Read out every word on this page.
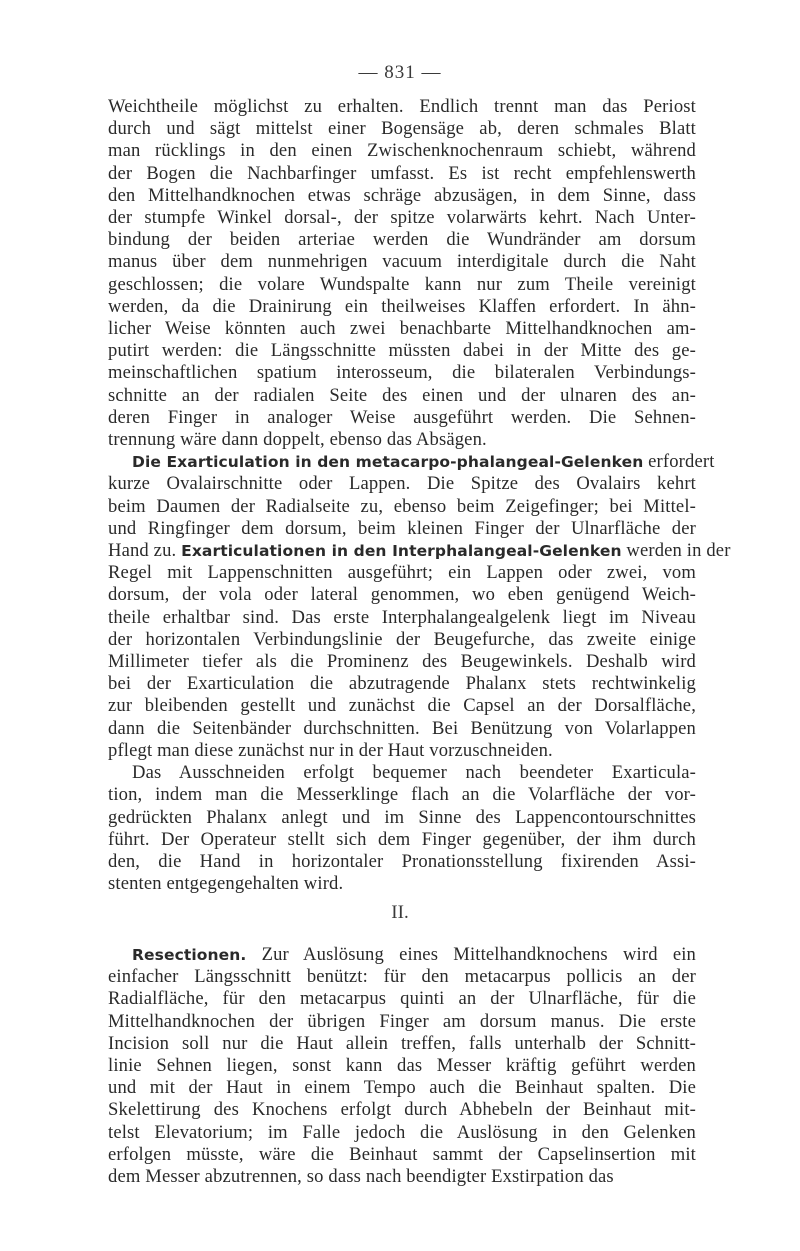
— 831 —
Weichtheile möglichst zu erhalten. Endlich trennt man das Periost
durch und sägt mittelst einer Bogensäge ab, deren schmales Blatt
man rücklings in den einen Zwischenknochenraum schiebt, während
der Bogen die Nachbarfinger umfasst. Es ist recht empfehlenswerth
den Mittelhandknochen etwas schräge abzusägen, in dem Sinne, dass
der stumpfe Winkel dorsal-, der spitze volarwärts kehrt. Nach Unter-
bindung der beiden arteriae werden die Wundränder am dorsum
manus über dem nunmehrigen vacuum interdigitale durch die Naht
geschlossen; die volare Wundspalte kann nur zum Theile vereinigt
werden, da die Drainirung ein theilweises Klaffen erfordert. In ähn-
licher Weise könnten auch zwei benachbarte Mittelhandknochen am-
putirt werden: die Längsschnitte müssten dabei in der Mitte des ge-
meinschaftlichen spatium interosseum, die bilateralen Verbindungs-
schnitte an der radialen Seite des einen und der ulnaren des an-
deren Finger in analoger Weise ausgeführt werden. Die Sehnen-
trennung wäre dann doppelt, ebenso das Absägen.
Die Exarticulation in den metacarpo-phalangeal-Gelenken erfordert
kurze Ovalairschnitte oder Lappen. Die Spitze des Ovalairs kehrt
beim Daumen der Radialseite zu, ebenso beim Zeigefinger; bei Mittel-
und Ringfinger dem dorsum, beim kleinen Finger der Ulnarfläche der
Hand zu. Exarticulationen in den Interphalangeal-Gelenken werden in der
Regel mit Lappenschnitten ausgeführt; ein Lappen oder zwei, vom
dorsum, der vola oder lateral genommen, wo eben genügend Weich-
theile erhaltbar sind. Das erste Interphalangealgelenk liegt im Niveau
der horizontalen Verbindungslinie der Beugefurche, das zweite einige
Millimeter tiefer als die Prominenz des Beugewinkels. Deshalb wird
bei der Exarticulation die abzutragende Phalanx stets rechtwinkelig
zur bleibenden gestellt und zunächst die Capsel an der Dorsalfläche,
dann die Seitenbänder durchschnitten. Bei Benützung von Volarlappen
pflegt man diese zunächst nur in der Haut vorzuschneiden.
Das Ausschneiden erfolgt bequemer nach beendeter Exarticula-
tion, indem man die Messerklinge flach an die Volarfläche der vor-
gedrückten Phalanx anlegt und im Sinne des Lappencontourschnittes
führt. Der Operateur stellt sich dem Finger gegenüber, der ihm durch
den, die Hand in horizontaler Pronationsstellung fixirenden Assi-
stenten entgegengehalten wird.
II.
Resectionen. Zur Auslösung eines Mittelhandknochens wird ein
einfacher Längsschnitt benützt: für den metacarpus pollicis an der
Radialfläche, für den metacarpus quinti an der Ulnarfläche, für die
Mittelhandknochen der übrigen Finger am dorsum manus. Die erste
Incision soll nur die Haut allein treffen, falls unterhalb der Schnitt-
linie Sehnen liegen, sonst kann das Messer kräftig geführt werden
und mit der Haut in einem Tempo auch die Beinhaut spalten. Die
Skelettirung des Knochens erfolgt durch Abhebeln der Beinhaut mit-
telst Elevatorium; im Falle jedoch die Auslösung in den Gelenken
erfolgen müsste, wäre die Beinhaut sammt der Capselinsertion mit
dem Messer abzutrennen, so dass nach beendigter Exstirpation das
